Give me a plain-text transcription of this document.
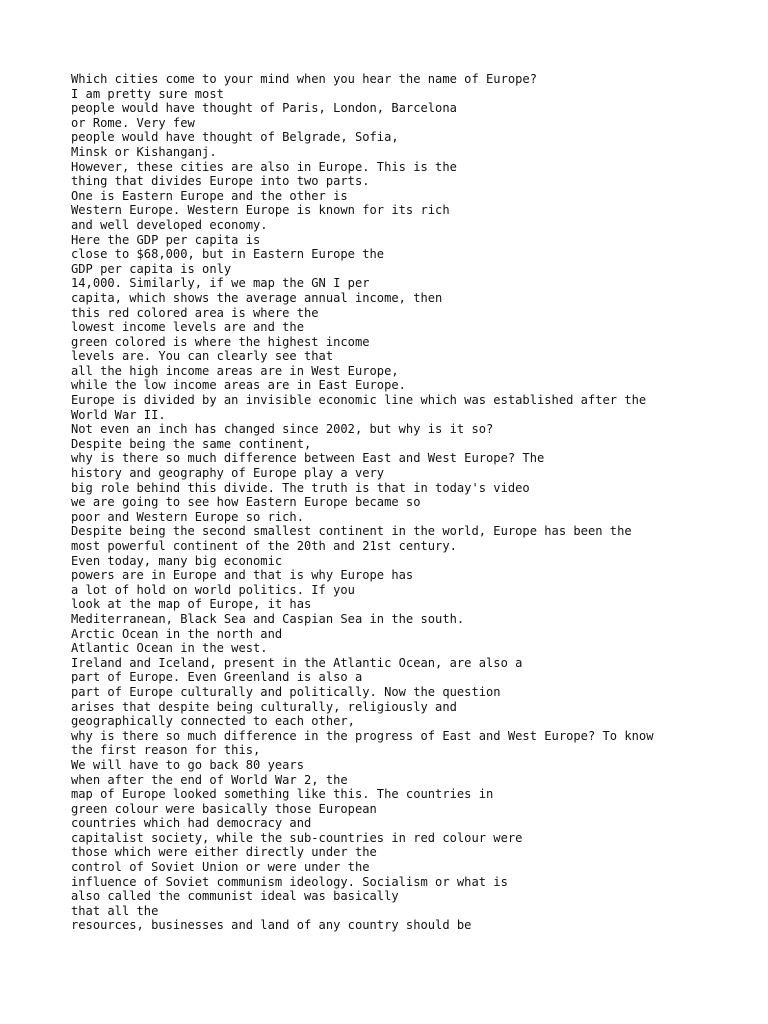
Which cities come to your mind when you hear the name of Europe?
I am pretty sure most
people would have thought of Paris, London, Barcelona
or Rome. Very few
people would have thought of Belgrade, Sofia,
Minsk or Kishanganj.
However, these cities are also in Europe. This is the
thing that divides Europe into two parts.
One is Eastern Europe and the other is
Western Europe. Western Europe is known for its rich
and well developed economy.
Here the GDP per capita is
close to $68,000, but in Eastern Europe the
GDP per capita is only
14,000. Similarly, if we map the GN I per
capita, which shows the average annual income, then
this red colored area is where the
lowest income levels are and the
green colored is where the highest income
levels are. You can clearly see that
all the high income areas are in West Europe,
while the low income areas are in East Europe.
Europe is divided by an invisible economic line which was established after the
World War II.
Not even an inch has changed since 2002, but why is it so?
Despite being the same continent,
why is there so much difference between East and West Europe? The
history and geography of Europe play a very
big role behind this divide. The truth is that in today's video
we are going to see how Eastern Europe became so
poor and Western Europe so rich.
Despite being the second smallest continent in the world, Europe has been the
most powerful continent of the 20th and 21st century.
Even today, many big economic
powers are in Europe and that is why Europe has
a lot of hold on world politics. If you
look at the map of Europe, it has
Mediterranean, Black Sea and Caspian Sea in the south.
Arctic Ocean in the north and
Atlantic Ocean in the west.
Ireland and Iceland, present in the Atlantic Ocean, are also a
part of Europe. Even Greenland is also a
part of Europe culturally and politically. Now the question
arises that despite being culturally, religiously and
geographically connected to each other,
why is there so much difference in the progress of East and West Europe? To know
the first reason for this,
We will have to go back 80 years
when after the end of World War 2, the
map of Europe looked something like this. The countries in
green colour were basically those European
countries which had democracy and
capitalist society, while the sub-countries in red colour were
those which were either directly under the
control of Soviet Union or were under the
influence of Soviet communism ideology. Socialism or what is
also called the communist ideal was basically
that all the
resources, businesses and land of any country should be
